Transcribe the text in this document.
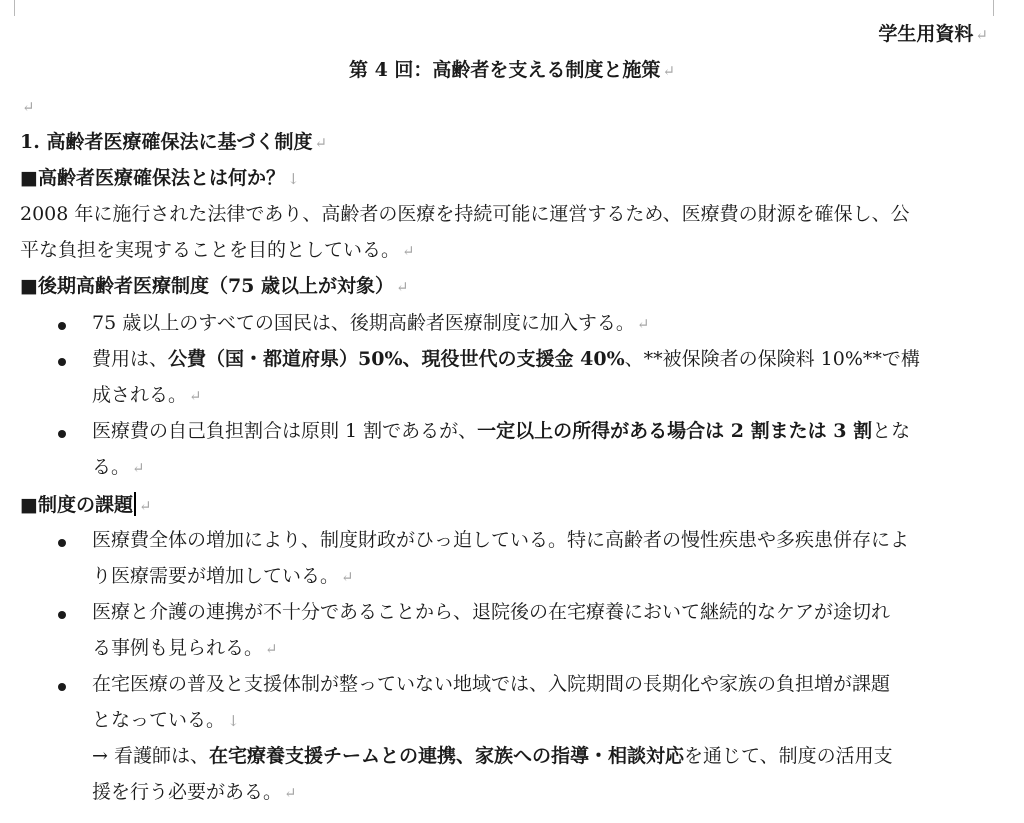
学生用資料 ↵
第 4 回：高齢者を支える制度と施策 ↵
↵
1. 高齢者医療確保法に基づく制度 ↵
■高齢者医療確保法とは何か？ ↓
2008 年に施行された法律であり、高齢者の医療を持続可能に運営するため、医療費の財源を確保し、公
平な負担を実現することを目的としている。 ↵
■後期高齢者医療制度（75 歳以上が対象） ↵
75 歳以上のすべての国民は、後期高齢者医療制度に加入する。 ↵
費用は、公費（国・都道府県）50%、現役世代の支援金 40%、**被保険者の保険料 10%**で構
成される。 ↵
医療費の自己負担割合は原則 1 割であるが、一定以上の所得がある場合は 2 割または 3 割とな
る。 ↵
■制度の課題 ↵
医療費全体の増加により、制度財政がひっ迫している。特に高齢者の慢性疾患や多疾患併存によ
り医療需要が増加している。 ↵
医療と介護の連携が不十分であることから、退院後の在宅療養において継続的なケアが途切れ
る事例も見られる。 ↵
在宅医療の普及と支援体制が整っていない地域では、入院期間の長期化や家族の負担増が課題
となっている。 ↓
→ 看護師は、在宅療養支援チームとの連携、家族への指導・相談対応を通じて、制度の活用支
援を行う必要がある。 ↵
